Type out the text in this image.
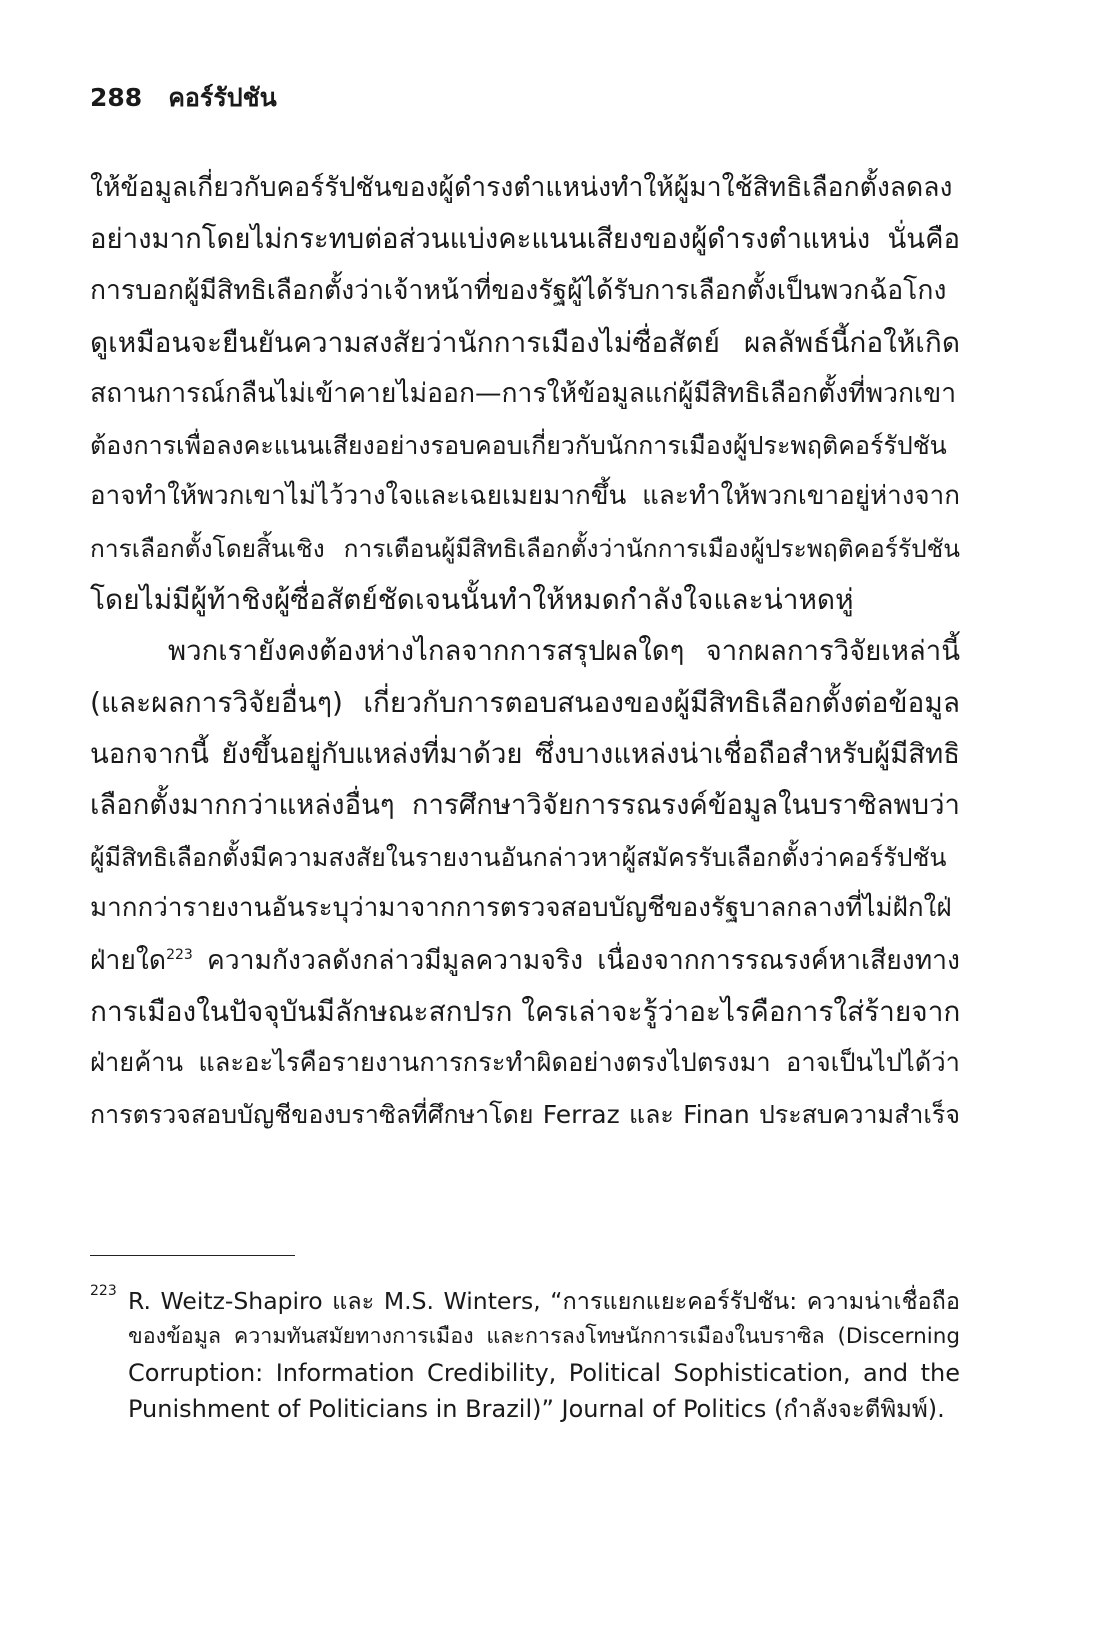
288 คอร์รัปชัน
ให้ข้อมูลเกี่ยวกับคอร์รัปชันของผู้ดำรงตำแหน่งทำให้ผู้มาใช้สิทธิเลือกตั้งลดลง
อย่างมากโดยไม่กระทบต่อส่วนแบ่งคะแนนเสียงของผู้ดำรงตำแหน่ง นั่นคือ
การบอกผู้มีสิทธิเลือกตั้งว่าเจ้าหน้าที่ของรัฐผู้ได้รับการเลือกตั้งเป็นพวกฉ้อโกง
ดูเหมือนจะยืนยันความสงสัยว่านักการเมืองไม่ซื่อสัตย์ ผลลัพธ์นี้ก่อให้เกิด
สถานการณ์กลืนไม่เข้าคายไม่ออก—การให้ข้อมูลแก่ผู้มีสิทธิเลือกตั้งที่พวกเขา
ต้องการเพื่อลงคะแนนเสียงอย่างรอบคอบเกี่ยวกับนักการเมืองผู้ประพฤติคอร์รัปชัน
อาจทำให้พวกเขาไม่ไว้วางใจและเฉยเมยมากขึ้น และทำให้พวกเขาอยู่ห่างจาก
การเลือกตั้งโดยสิ้นเชิง การเตือนผู้มีสิทธิเลือกตั้งว่านักการเมืองผู้ประพฤติคอร์รัปชัน
โดยไม่มีผู้ท้าชิงผู้ซื่อสัตย์ชัดเจนนั้นทำให้หมดกำลังใจและน่าหดหู่
พวกเรายังคงต้องห่างไกลจากการสรุปผลใดๆ จากผลการวิจัยเหล่านี้
(และผลการวิจัยอื่นๆ) เกี่ยวกับการตอบสนองของผู้มีสิทธิเลือกตั้งต่อข้อมูล
นอกจากนี้ ยังขึ้นอยู่กับแหล่งที่มาด้วย ซึ่งบางแหล่งน่าเชื่อถือสำหรับผู้มีสิทธิ
เลือกตั้งมากกว่าแหล่งอื่นๆ การศึกษาวิจัยการรณรงค์ข้อมูลในบราซิลพบว่า
ผู้มีสิทธิเลือกตั้งมีความสงสัยในรายงานอันกล่าวหาผู้สมัครรับเลือกตั้งว่าคอร์รัปชัน
มากกว่ารายงานอันระบุว่ามาจากการตรวจสอบบัญชีของรัฐบาลกลางที่ไม่ฝักใฝ่
ฝ่ายใด$^{223}$ ความกังวลดังกล่าวมีมูลความจริง เนื่องจากการรณรงค์หาเสียงทาง
การเมืองในปัจจุบันมีลักษณะสกปรก ใครเล่าจะรู้ว่าอะไรคือการใส่ร้ายจาก
ฝ่ายค้าน และอะไรคือรายงานการกระทำผิดอย่างตรงไปตรงมา อาจเป็นไปได้ว่า
การตรวจสอบบัญชีของบราซิลที่ศึกษาโดย Ferraz และ Finan ประสบความสำเร็จ
223 R. Weitz-Shapiro และ M.S. Winters, “การแยกแยะคอร์รัปชัน: ความน่าเชื่อถือ
ของข้อมูล ความทันสมัยทางการเมือง และการลงโทษนักการเมืองในบราซิล (Discerning
Corruption: Information Credibility, Political Sophistication, and the
Punishment of Politicians in Brazil)” Journal of Politics (กำลังจะตีพิมพ์).
